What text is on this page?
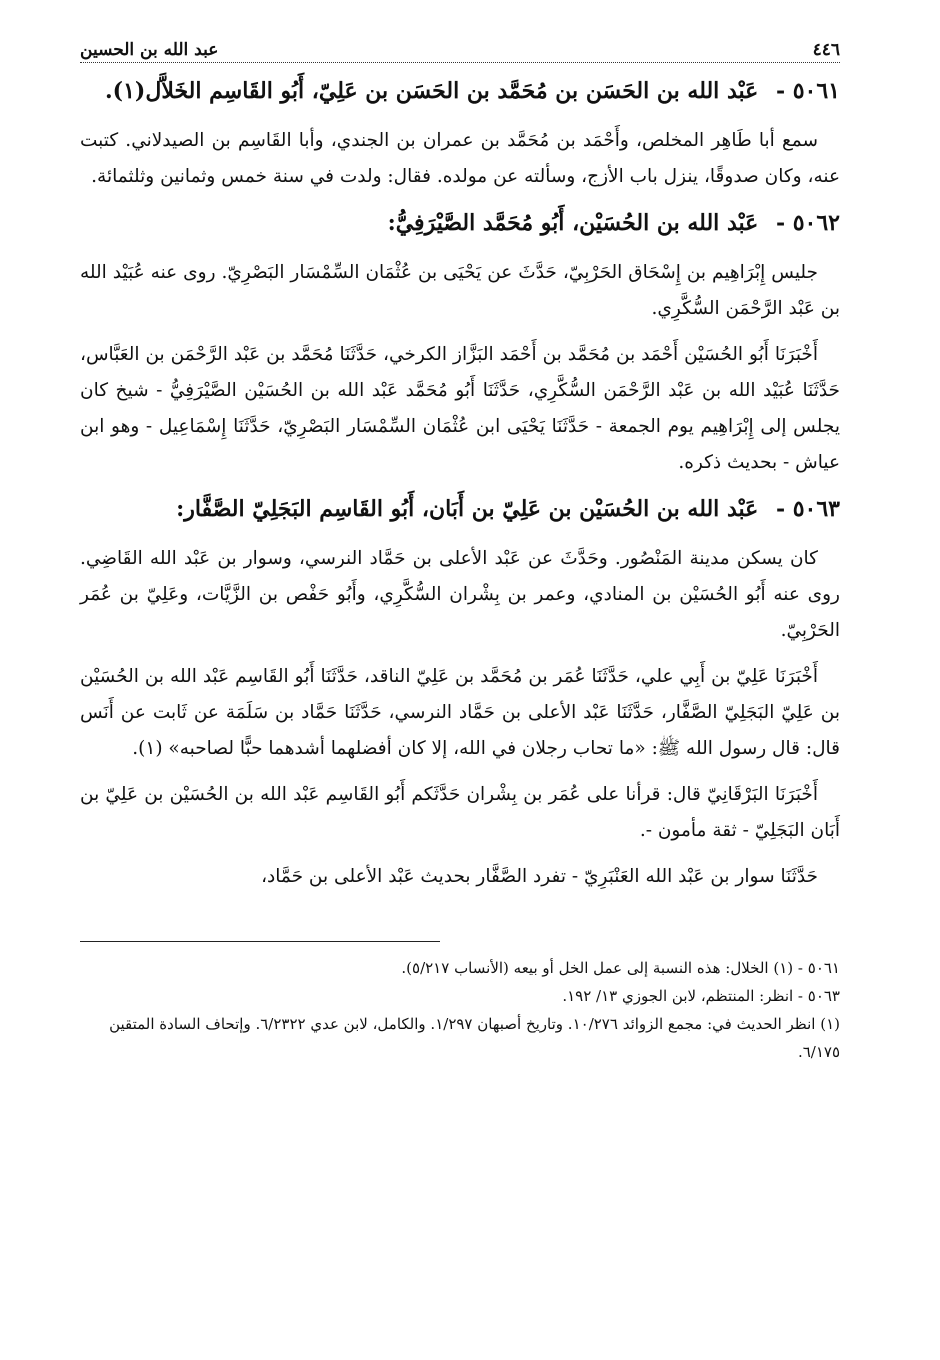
٤٤٦
عبد الله بن الحسين
٥٠٦١ - عَبْد الله بن الحَسَن بن مُحَمَّد بن الحَسَن بن عَلِيّ، أَبُو القَاسِم الخَلاَّل(١).

سمع أبا طَاهِر المخلص، وأَحْمَد بن مُحَمَّد بن عمران بن الجندي، وأبا القَاسِم بن الصيدلاني. كتبت عنه، وكان صدوقًا، ينزل باب الأزج، وسألته عن مولده. فقال: ولدت في سنة خمس وثمانين وثلثمائة.

٥٠٦٢ - عَبْد الله بن الحُسَيْن، أَبُو مُحَمَّد الصَّيْرَفِيُّ:

جليس إِبْرَاهِيم بن إِسْحَاق الحَرْبِيّ، حَدَّثَ عن يَحْيَى بن عُثْمَان السِّمْسَار البَصْرِيّ. روى عنه عُبَيْد الله بن عَبْد الرَّحْمَن السُّكَّرِي.

أَخْبَرَنَا أَبُو الحُسَيْن أَحْمَد بن مُحَمَّد بن أَحْمَد البَزَّاز الكرخي، حَدَّثَنَا مُحَمَّد بن عَبْد الرَّحْمَن بن العَبَّاس، حَدَّثَنَا عُبَيْد الله بن عَبْد الرَّحْمَن السُّكَّرِي، حَدَّثَنَا أَبُو مُحَمَّد عَبْد الله بن الحُسَيْن الصَّيْرَفِيُّ - شيخ كان يجلس إلى إِبْرَاهِيم يوم الجمعة - حَدَّثَنَا يَحْيَى ابن عُثْمَان السِّمْسَار البَصْرِيّ، حَدَّثَنَا إِسْمَاعِيل - وهو ابن عياش - بحديث ذكره.

٥٠٦٣ - عَبْد الله بن الحُسَيْن بن عَلِيّ بن أَبَان، أَبُو القَاسِم البَجَلِيّ الصَّفَّار:

كان يسكن مدينة المَنْصُور. وحَدَّثَ عن عَبْد الأعلى بن حَمَّاد النرسي، وسوار بن عَبْد الله القَاضِي. روى عنه أَبُو الحُسَيْن بن المنادي، وعمر بن بِشْران السُّكَّرِي، وأَبُو حَفْص بن الزَّيَّات، وعَلِيّ بن عُمَر الحَرْبِيّ.

أَخْبَرَنَا عَلِيّ بن أَبِي علي، حَدَّثَنَا عُمَر بن مُحَمَّد بن عَلِيّ الناقد، حَدَّثَنَا أَبُو القَاسِم عَبْد الله بن الحُسَيْن بن عَلِيّ البَجَلِيّ الصَّفَّار، حَدَّثَنَا عَبْد الأعلى بن حَمَّاد النرسي، حَدَّثَنَا حَمَّاد بن سَلَمَة عن ثَابت عن أَنَس قال: قال رسول الله ﷺ: «ما تحاب رجلان في الله، إلا كان أفضلهما أشدهما حبًّا لصاحبه» (١).

أَخْبَرَنَا البَرْقَانِيّ قال: قرأنا على عُمَر بن بِشْران حَدَّثَكم أَبُو القَاسِم عَبْد الله بن الحُسَيْن بن عَلِيّ بن أَبَان البَجَلِيّ - ثقة مأمون -.

حَدَّثَنَا سوار بن عَبْد الله العَنْبَرِيّ - تفرد الصَّفَّار بحديث عَبْد الأعلى بن حَمَّاد،

٥٠٦١ - (١) الخلال: هذه النسبة إلى عمل الخل أو بيعه (الأنساب ٥/٢١٧).

٥٠٦٣ - انظر: المنتظم، لابن الجوزي ١٣/ ١٩٢.

(١) انظر الحديث في: مجمع الزوائد ١٠/٢٧٦. وتاريخ أصبهان ١/٢٩٧. والكامل، لابن عدي ٦/٢٣٢٢. وإتحاف السادة المتقين ٦/١٧٥.
